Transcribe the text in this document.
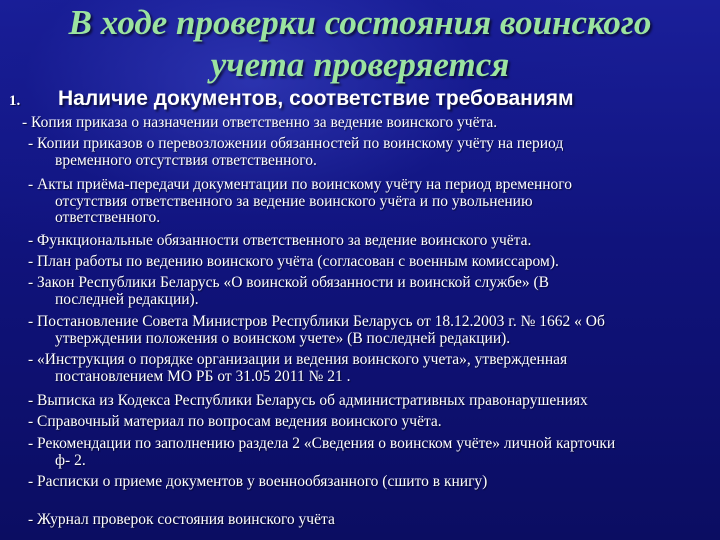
В ходе проверки состояния воинского
учета проверяется
1. Наличие документов, соответствие требованиям
- Копия приказа о назначении ответственно за ведение воинского учёта.
- Копии приказов о перевозложении обязанностей по воинскому учёту на период
временного отсутствия ответственного.
- Акты приёма-передачи документации по воинскому учёту на период временного
отсутствия ответственного за ведение воинского учёта и по увольнению
ответственного.
- Функциональные обязанности ответственного за ведение воинского учёта.
- План работы по ведению воинского учёта (согласован с военным комиссаром).
- Закон Республики Беларусь «О воинской обязанности и воинской службе» (В
последней редакции).
- Постановление Совета Министров Республики Беларусь от 18.12.2003 г. № 1662 « Об
утверждении положения о воинском учете» (В последней редакции).
- «Инструкция о порядке организации и ведения воинского учета», утвержденная
постановлением МО РБ от 31.05 2011 № 21 .
- Выписка из Кодекса Республики Беларусь об административных правонарушениях
- Справочный материал по вопросам ведения воинского учёта.
- Рекомендации по заполнению раздела 2 «Сведения о воинском учёте» личной карточки
ф- 2.
- Расписки о приеме документов у военнообязанного (сшито в книгу)
- Журнал проверок состояния воинского учёта
